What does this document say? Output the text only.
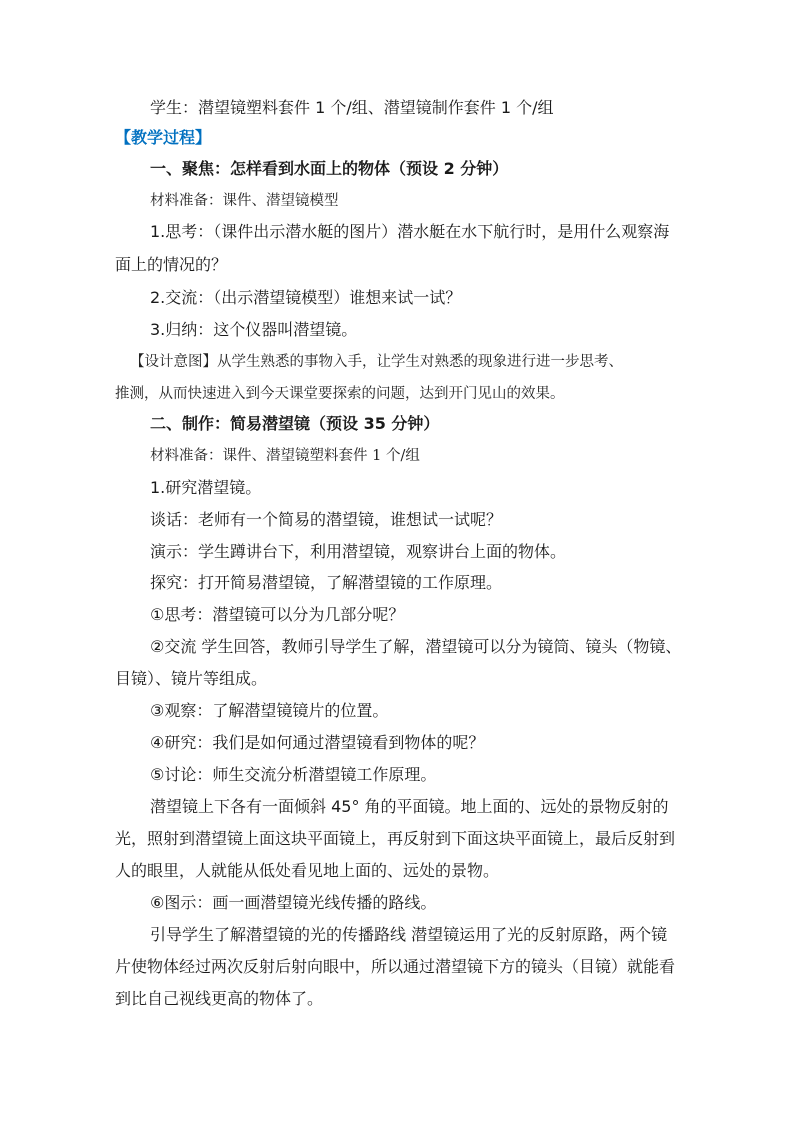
学生：潜望镜塑料套件 1 个/组、潜望镜制作套件 1 个/组
【教学过程】
一、聚焦：怎样看到水面上的物体（预设 2 分钟）
材料准备：课件、潜望镜模型
1.思考：（课件出示潜水艇的图片）潜水艇在水下航行时，是用什么观察海
面上的情况的？
2.交流：（出示潜望镜模型）谁想来试一试？
3.归纳：这个仪器叫潜望镜。
【设计意图】从学生熟悉的事物入手，让学生对熟悉的现象进行进一步思考、
推测，从而快速进入到今天课堂要探索的问题，达到开门见山的效果。
二、制作：简易潜望镜（预设 35 分钟）
材料准备：课件、潜望镜塑料套件 1 个/组
1.研究潜望镜。
谈话：老师有一个简易的潜望镜，谁想试一试呢？
演示：学生蹲讲台下，利用潜望镜，观察讲台上面的物体。
探究：打开简易潜望镜，了解潜望镜的工作原理。
①思考：潜望镜可以分为几部分呢？
②交流 学生回答，教师引导学生了解，潜望镜可以分为镜筒、镜头（物镜、
目镜）、镜片等组成。
③观察：了解潜望镜镜片的位置。
④研究：我们是如何通过潜望镜看到物体的呢？
⑤讨论：师生交流分析潜望镜工作原理。
潜望镜上下各有一面倾斜 45° 角的平面镜。地上面的、远处的景物反射的
光，照射到潜望镜上面这块平面镜上，再反射到下面这块平面镜上，最后反射到
人的眼里，人就能从低处看见地上面的、远处的景物。
⑥图示：画一画潜望镜光线传播的路线。
引导学生了解潜望镜的光的传播路线 潜望镜运用了光的反射原路，两个镜
片使物体经过两次反射后射向眼中，所以通过潜望镜下方的镜头（目镜）就能看
到比自己视线更高的物体了。
